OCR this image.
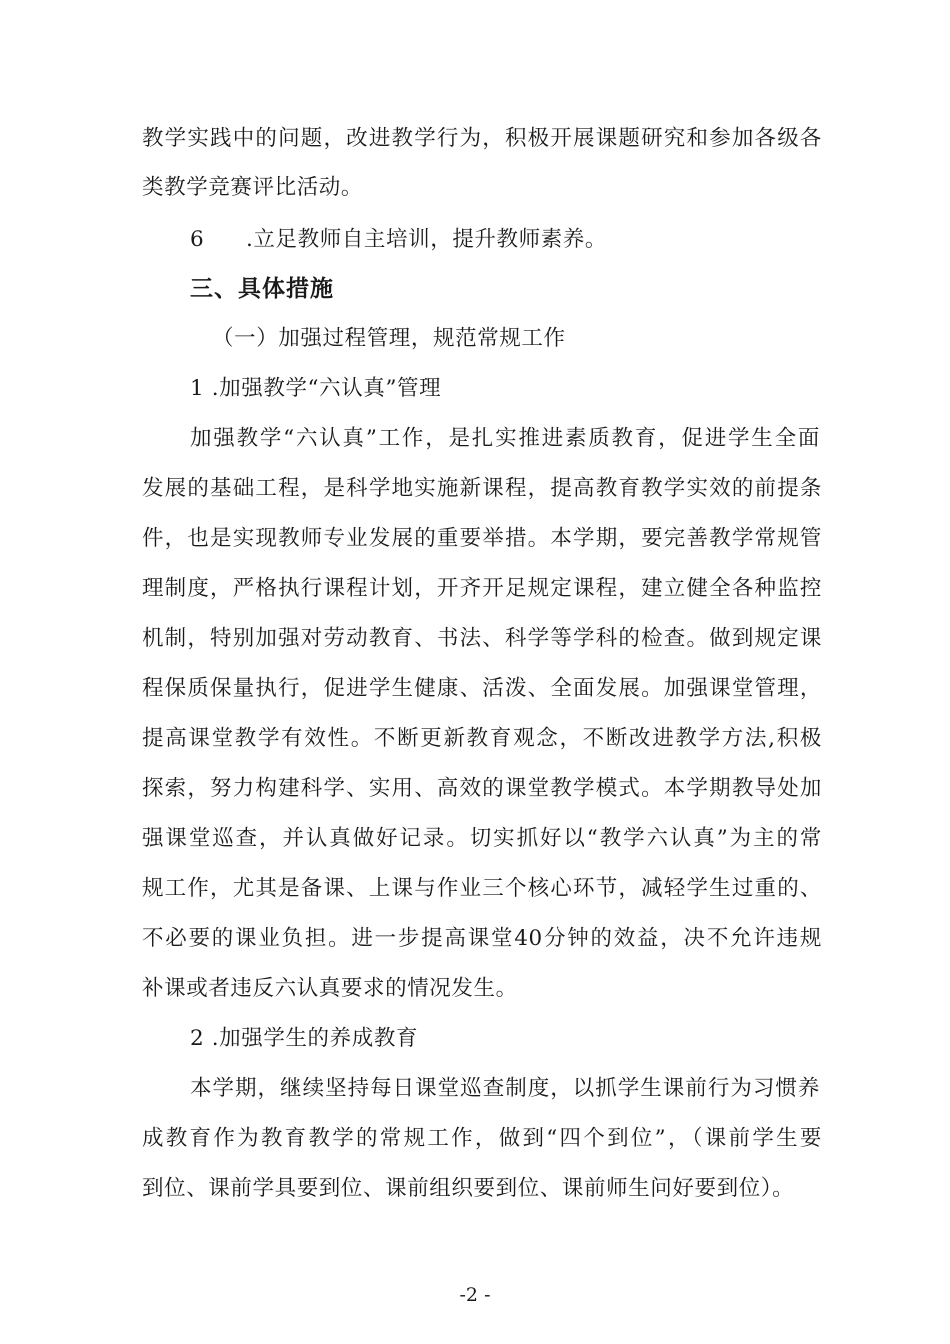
教学实践中的问题，改进教学行为，积极开展课题研究和参加各级各
类教学竞赛评比活动。
6 .立足教师自主培训，提升教师素养。
三、具体措施
（一）加强过程管理，规范常规工作
1 .加强教学“六认真”管理
加强教学“六认真”工作，是扎实推进素质教育，促进学生全面
发展的基础工程，是科学地实施新课程，提高教育教学实效的前提条
件，也是实现教师专业发展的重要举措。本学期，要完善教学常规管
理制度，严格执行课程计划，开齐开足规定课程，建立健全各种监控
机制，特别加强对劳动教育、书法、科学等学科的检查。做到规定课
程保质保量执行，促进学生健康、活泼、全面发展。加强课堂管理，
提高课堂教学有效性。不断更新教育观念，不断改进教学方法,积极
探索，努力构建科学、实用、高效的课堂教学模式。本学期教导处加
强课堂巡查，并认真做好记录。切实抓好以“教学六认真”为主的常
规工作，尤其是备课、上课与作业三个核心环节，减轻学生过重的、
不必要的课业负担。进一步提高课堂40分钟的效益，决不允许违规
补课或者违反六认真要求的情况发生。
2 .加强学生的养成教育
本学期，继续坚持每日课堂巡查制度，以抓学生课前行为习惯养
成教育作为教育教学的常规工作，做到“四个到位”，（课前学生要
到位、课前学具要到位、课前组织要到位、课前师生问好要到位）。
-2 -
